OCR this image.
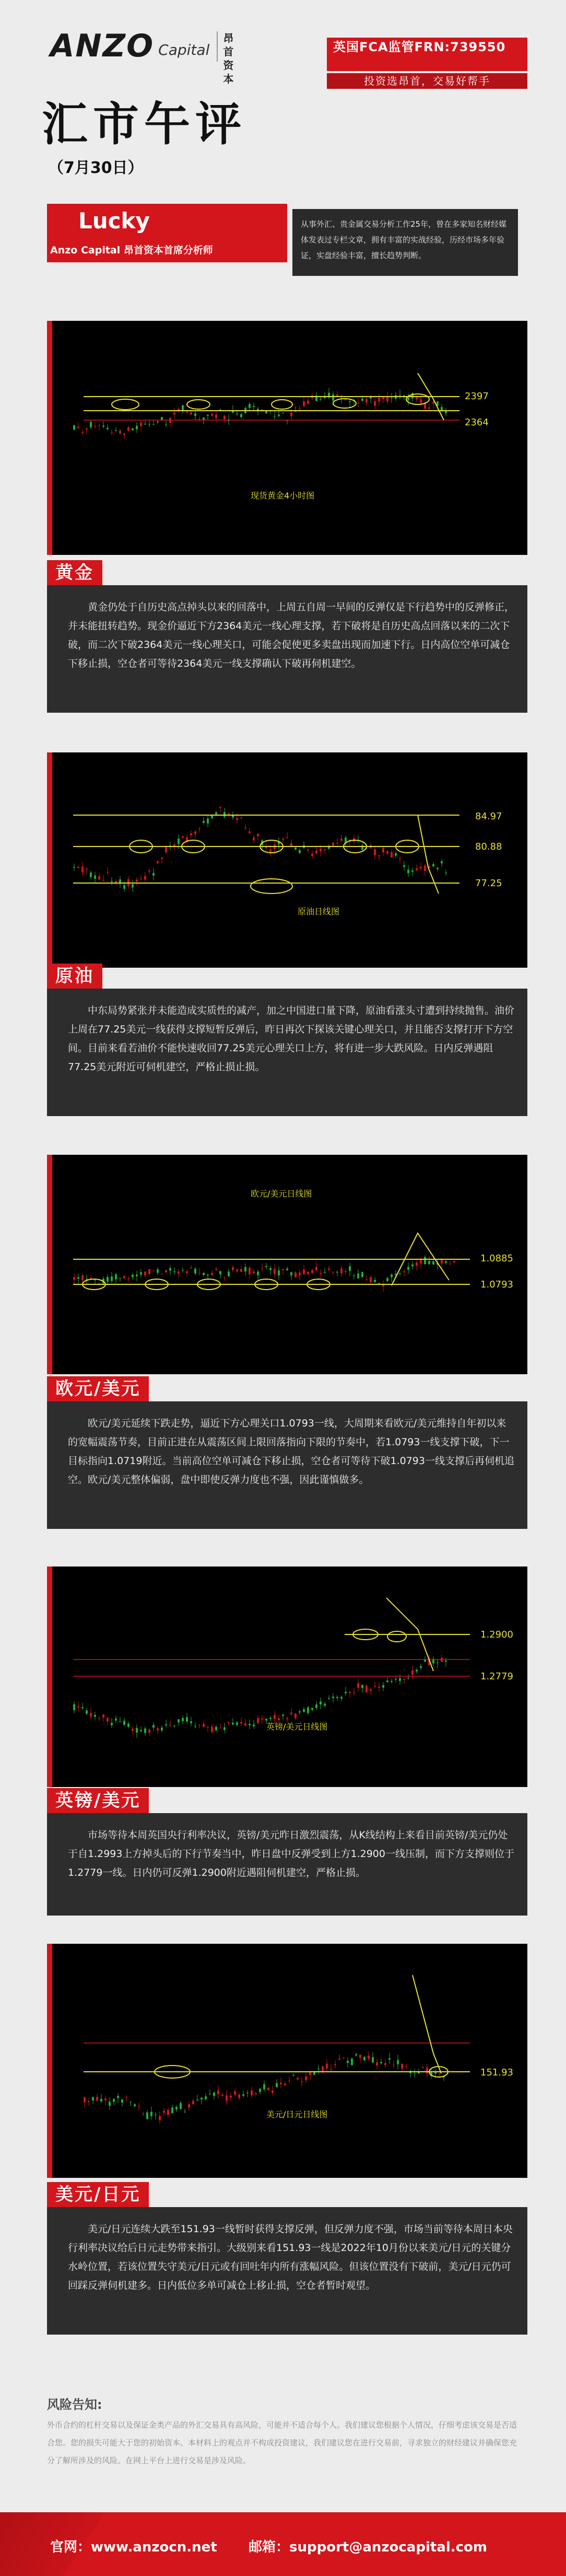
ANZO Capital
昂首
资本
英国FCA监管FRN:739550
投资选昂首，交易好帮手
汇市午评
（7月30日）
Lucky
Anzo Capital 昂首资本首席分析师
从事外汇、贵金属交易分析工作25年，曾在多家知名财经媒体发表过专栏文章，拥有丰富的实战经验，历经市场多年验证，实盘经验丰富，擅长趋势判断。
2397
2364
现货黄金4小时图
黄金
黄金仍处于自历史高点掉头以来的回落中，上周五自周一早间的反弹仅是下行趋势中的反弹修正，并未能扭转趋势。现金价逼近下方2364美元一线心理支撑，若下破将是自历史高点回落以来的二次下破，而二次下破2364美元一线心理关口，可能会促使更多卖盘出现而加速下行。日内高位空单可减仓下移止损，空仓者可等待2364美元一线支撑确认下破再伺机建空。
84.97
80.88
77.25
原油日线图
原油
中东局势紧张并未能造成实质性的减产，加之中国进口量下降，原油看涨头寸遭到持续抛售。油价上周在77.25美元一线获得支撑短暂反弹后，昨日再次下探该关键心理关口，并且能否支撑打开下方空间。目前来看若油价不能快速收回77.25美元心理关口上方，将有进一步大跌风险。日内反弹遇阻77.25美元附近可伺机建空，严格止损止损。
1.0885
1.0793
欧元/美元日线图
欧元/美元
欧元/美元延续下跌走势，逼近下方心理关口1.0793一线，大周期来看欧元/美元维持自年初以来的宽幅震荡节奏，目前正进在从震荡区间上限回落指向下限的节奏中，若1.0793一线支撑下破，下一目标指向1.0719附近。当前高位空单可减仓下移止损，空仓者可等待下破1.0793一线支撑后再伺机追空。欧元/美元整体偏弱，盘中即使反弹力度也不强，因此谨慎做多。
1.2900
1.2779
英镑/美元日线图
英镑/美元
市场等待本周英国央行利率决议，英镑/美元昨日激烈震荡，从K线结构上来看目前英镑/美元仍处于自1.2993上方掉头后的下行节奏当中，昨日盘中反弹受到上方1.2900一线压制，而下方支撑则位于1.2779一线。日内仍可反弹1.2900附近遇阻伺机建空，严格止损。
151.93
美元/日元日线图
美元/日元
美元/日元连续大跌至151.93一线暂时获得支撑反弹，但反弹力度不强，市场当前等待本周日本央行利率决议给后日元走势带来指引。大级别来看151.93一线是2022年10月份以来美元/日元的关键分水岭位置，若该位置失守美元/日元或有回吐年内所有涨幅风险。但该位置没有下破前，美元/日元仍可回踩反弹伺机建多。日内低位多单可减仓上移止损，空仓者暂时观望。
风险告知:
外币合约的杠杆交易以及保证金类产品的外汇交易具有高风险，可能并不适合每个人。我们建议您根据个人情况，仔细考虑该交易是否适合您。您的损失可能大于您的初始资本。本材料上的观点并不构成投资建议，我们建议您在进行交易前，寻求独立的财经建议并确保您充分了解所涉及的风险。在网上平台上进行交易是涉及风险。
官网：www.anzocn.net 邮箱：support@anzocapital.com
